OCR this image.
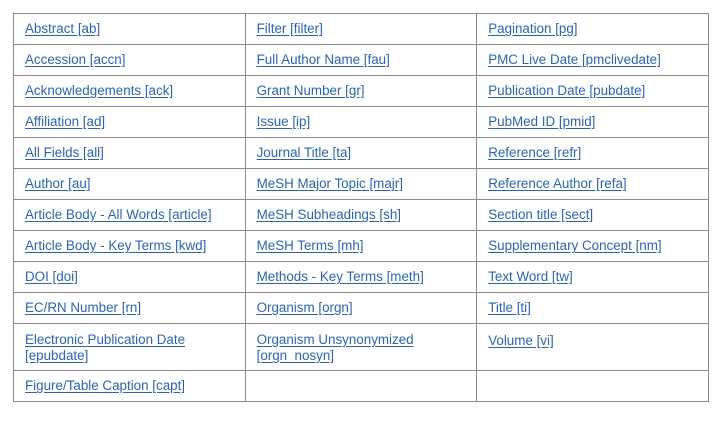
Abstract [ab]	Filter [filter]	Pagination [pg]
Accession [accn]	Full Author Name [fau]	PMC Live Date [pmclivedate]
Acknowledgements [ack]	Grant Number [gr]	Publication Date [pubdate]
Affiliation [ad]	Issue [ip]	PubMed ID [pmid]
All Fields [all]	Journal Title [ta]	Reference [refr]
Author [au]	MeSH Major Topic [majr]	Reference Author [refa]
Article Body - All Words [article]	MeSH Subheadings [sh]	Section title [sect]
Article Body - Key Terms [kwd]	MeSH Terms [mh]	Supplementary Concept [nm]
DOI [doi]	Methods - Key Terms [meth]	Text Word [tw]
EC/RN Number [rn]	Organism [orgn]	Title [ti]
Electronic Publication Date [epubdate]	Organism Unsynonymized [orgn_nosyn]	Volume [vi]
Figure/Table Caption [capt]		
